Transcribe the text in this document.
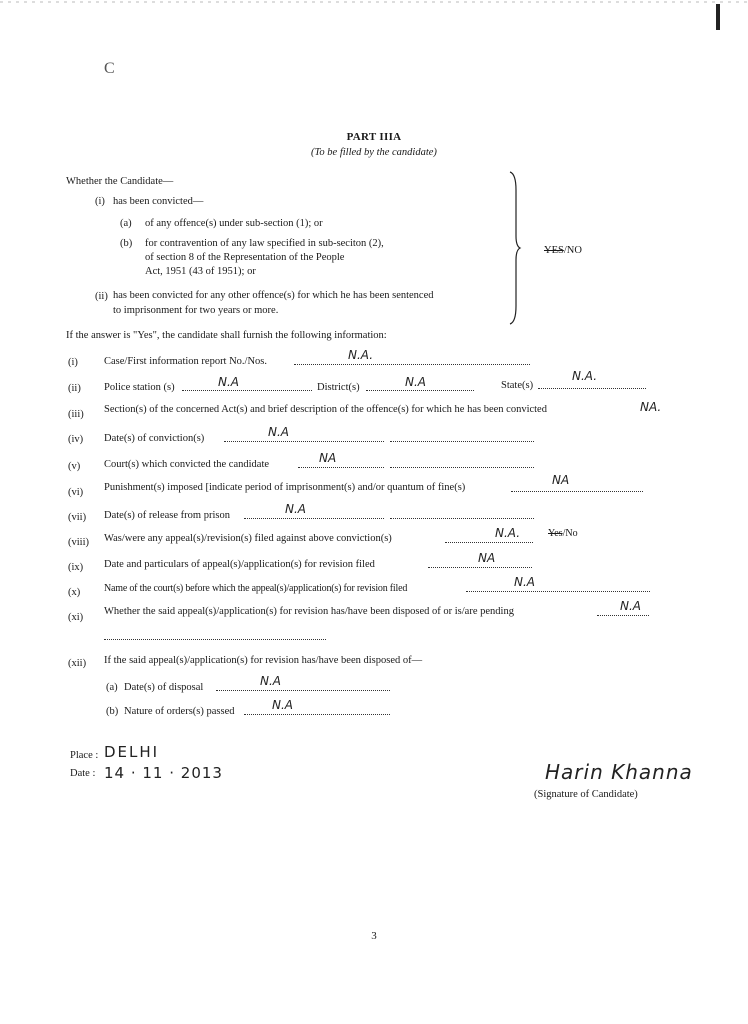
C
PART IIIA
(To be filled by the candidate)
Whether the Candidate—
(i) has been convicted—
(a) of any offence(s) under sub-section (1); or
(b) for contravention of any law specified in sub-seciton (2),
of section 8 of the Representation of the People
Act, 1951 (43 of 1951); or
(ii) has been convicted for any other offence(s) for which he has been sentenced
to imprisonment for two years or more.
YES/NO
If the answer is "Yes", the candidate shall furnish the following information:
(i) Case/First information report No./Nos.	N.A.
(ii) Police station (s)	N.A	District(s)	N.A	State(s)
N.A.
(iii) Section(s) of the concerned Act(s) and brief description of the offence(s) for which he has been convicted	NA.
(iv) Date(s) of conviction(s)	N.A
(v) Court(s) which convicted the candidate	NA
(vi) Punishment(s) imposed [indicate period of imprisonment(s) and/or quantum of fine(s)
NA
(vii) Date(s) of release from prison	N.A
(viii) Was/were any appeal(s)/revision(s) filed against above conviction(s)	N.A.	Yes/No
(ix) Date and particulars of appeal(s)/application(s) for revision filed	NA
(x) Name of the court(s) before which the appeal(s)/application(s) for revision filed	N.A
(xi)
Whether the said appeal(s)/application(s) for revision has/have been disposed of or is/are pending	N.A
(xii) If the said appeal(s)/application(s) for revision has/have been disposed of—
(a) Date(s) of disposal	N.A
(b) Nature of orders(s) passed	N.A
Place : DELHI
Date : 14 · 11 · 2013	Harin Khanna
(Signature of Candidate)
3
